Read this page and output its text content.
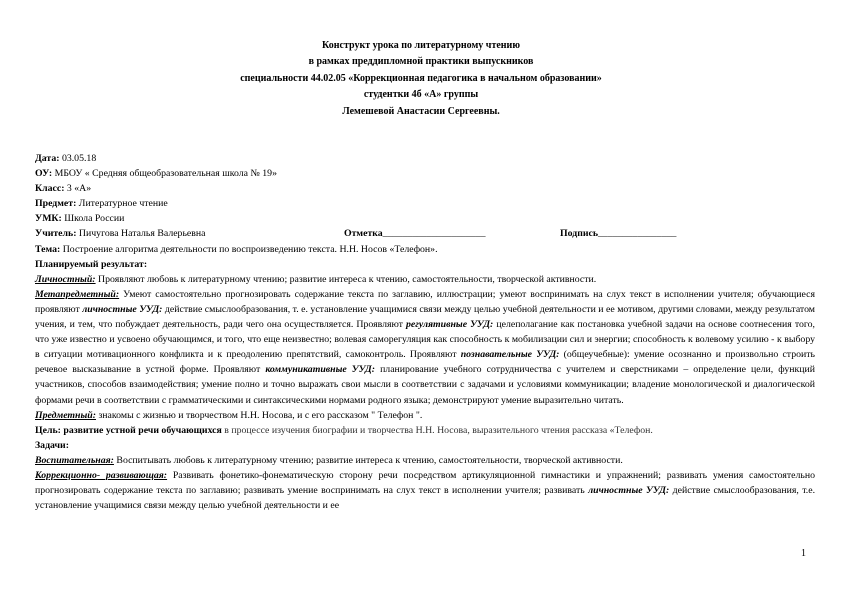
Конструкт урока по литературному чтению
в рамках преддипломной практики выпускников
специальности 44.02.05 «Коррекционная педагогика в начальном образовании»
студентки 4б «А» группы
Лемешевой Анастасии Сергеевны.
Дата: 03.05.18
ОУ: МБОУ « Средняя общеобразовательная школа № 19»
Класс: 3 «А»
Предмет: Литературное чтение
УМК: Школа России
Учитель: Пичугова Наталья Валерьевна	Отметка_____________________	Подпись________________
Тема: Построение алгоритма деятельности по воспроизведению текста. Н.Н. Носов «Телефон».
Планируемый результат:
Личностный: Проявляют любовь к литературному чтению; развитие интереса к чтению, самостоятельности, творческой активности.
Метапредметный: Умеют самостоятельно прогнозировать содержание текста по заглавию, иллюстрации; умеют воспринимать на слух текст в исполнении учителя; обучающиеся проявляют личностные УУД: действие смыслообразования, т. е. установление учащимися связи между целью учебной деятельности и ее мотивом, другими словами, между результатом учения, и тем, что побуждает деятельность, ради чего она осуществляется. Проявляют регулятивные УУД: целеполагание как постановка учебной задачи на основе соотнесения того, что уже известно и усвоено обучающимся, и того, что еще неизвестно; волевая саморегуляция как способность к мобилизации сил и энергии; способность к волевому усилию - к выбору в ситуации мотивационного конфликта и к преодолению препятствий, самоконтроль. Проявляют познавательные УУД: (общеучебные): умение осознанно и произвольно строить речевое высказывание в устной форме. Проявляют коммуникативные УУД: планирование учебного сотрудничества с учителем и сверстниками – определение цели, функций участников, способов взаимодействия; умение полно и точно выражать свои мысли в соответствии с задачами и условиями коммуникации; владение монологической и диалогической формами речи в соответствии с грамматическими и синтаксическими нормами родного языка; демонстрируют умение выразительно читать.
Предметный: знакомы с жизнью и творчеством Н.Н. Носова, и с его рассказом " Телефон ".
Цель: развитие устной речи обучающихся в процессе изучения биографии и творчества Н.Н. Носова, выразительного чтения рассказа «Телефон.
Задачи:
Воспитательная: Воспитывать любовь к литературному чтению; развитие интереса к чтению, самостоятельности, творческой активности.
Коррекционно- развивающая: Развивать фонетико-фонематическую сторону речи посредством артикуляционной гимнастики и упражнений; развивать умения самостоятельно прогнозировать содержание текста по заглавию; развивать умение воспринимать на слух текст в исполнении учителя; развивать личностные УУД: действие смыслообразования, т.е. установление учащимися связи между целью учебной деятельности и ее
1
